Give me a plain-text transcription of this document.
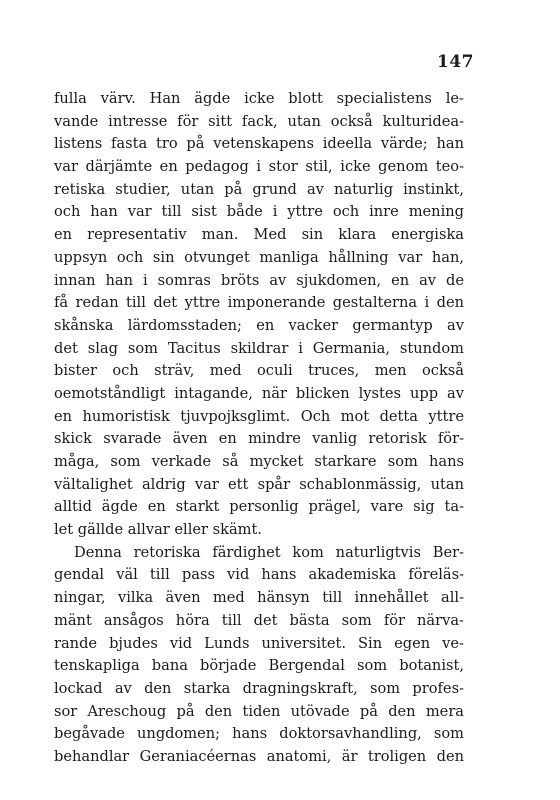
147
fulla värv. Han ägde icke blott specialistens le-
vande intresse för sitt fack, utan också kulturidea-
listens fasta tro på vetenskapens ideella värde; han
var därjämte en pedagog i stor stil, icke genom teo-
retiska studier, utan på grund av naturlig instinkt,
och han var till sist både i yttre och inre mening
en representativ man. Med sin klara energiska
uppsyn och sin otvunget manliga hållning var han,
innan han i somras bröts av sjukdomen, en av de
få redan till det yttre imponerande gestalterna i den
skånska lärdomsstaden; en vacker germantyp av
det slag som Tacitus skildrar i Germania, stundom
bister och sträv, med oculi truces, men också
oemotståndligt intagande, när blicken lystes upp av
en humoristisk tjuvpojksglimt. Och mot detta yttre
skick svarade även en mindre vanlig retorisk för-
måga, som verkade så mycket starkare som hans
vältalighet aldrig var ett spår schablonmässig, utan
alltid ägde en starkt personlig prägel, vare sig ta-
let gällde allvar eller skämt.
Denna retoriska färdighet kom naturligtvis Ber-
gendal väl till pass vid hans akademiska föreläs-
ningar, vilka även med hänsyn till innehållet all-
mänt ansågos höra till det bästa som för närva-
rande bjudes vid Lunds universitet. Sin egen ve-
tenskapliga bana började Bergendal som botanist,
lockad av den starka dragningskraft, som profes-
sor Areschoug på den tiden utövade på den mera
begåvade ungdomen; hans doktorsavhandling, som
behandlar Geraniacéernas anatomi, är troligen den
